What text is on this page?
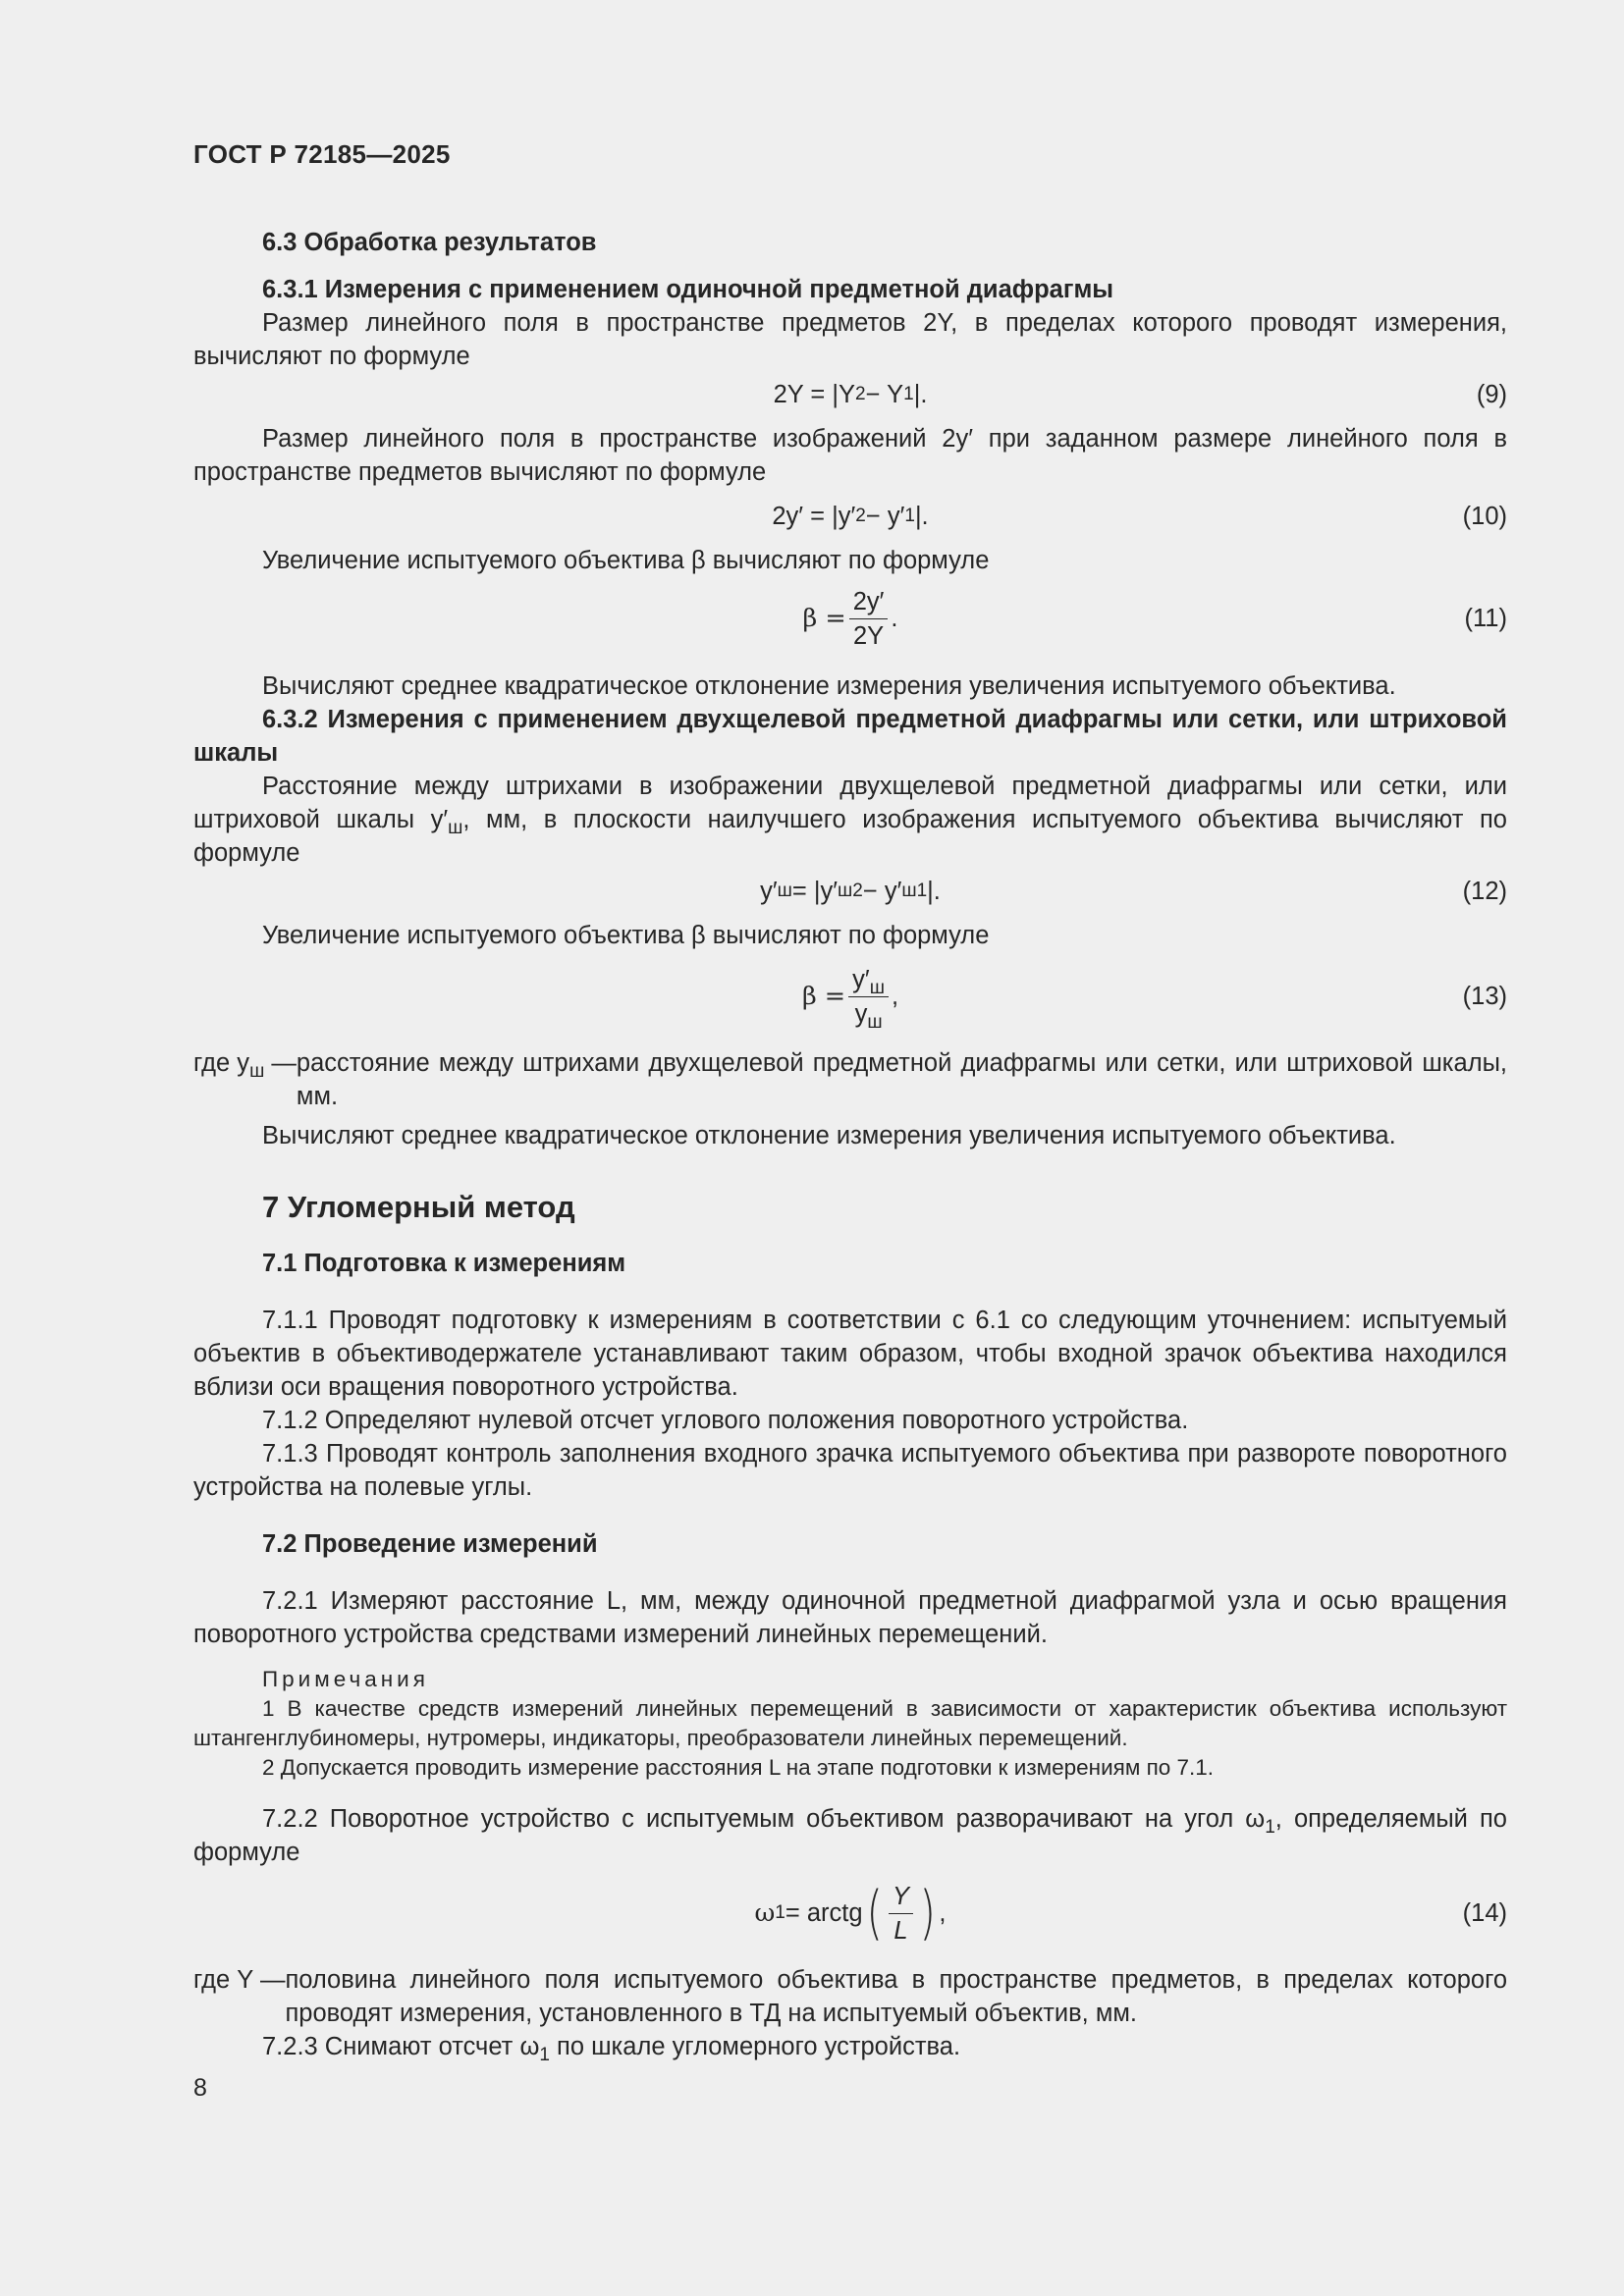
ГОСТ Р 72185—2025

6.3 Обработка результатов

6.3.1 Измерения с применением одиночной предметной диафрагмы

Размер линейного поля в пространстве предметов 2Y, в пределах которого проводят измерения, вычисляют по формуле

2Y = |Y 2 − Y 1 |.	(9)

Размер линейного поля в пространстве изображений 2y′ при заданном размере линейного поля в пространстве предметов вычисляют по формуле

2y′ = |y′ 2 − y′ 1 |.	(10)

Увеличение испытуемого объектива β вычисляют по формуле

$\beta = \frac{2y'}{2Y}$ .	(11)

Вычисляют среднее квадратическое отклонение измерения увеличения испытуемого объектива.

6.3.2 Измерения с применением двухщелевой предметной диафрагмы или сетки, или штриховой шкалы

Расстояние между штрихами в изображении двухщелевой предметной диафрагмы или сетки, или штриховой шкалы $y'_ш$, мм, в плоскости наилучшего изображения испытуемого объектива вычисляют по формуле

y′ ш = |y′ ш2 − y′ ш1 |.	(12)

Увеличение испытуемого объектива β вычисляют по формуле

$\beta = \frac{y'_ш}{y_ш}$ ,	(13)
где $y_ш$ — расстояние между штрихами двухщелевой предметной диафрагмы или сетки, или штриховой шкалы, мм.

Вычисляют среднее квадратическое отклонение измерения увеличения испытуемого объектива.

7 Угломерный метод

7.1 Подготовка к измерениям

7.1.1 Проводят подготовку к измерениям в соответствии с 6.1 со следующим уточнением: испытуемый объектив в объективодержателе устанавливают таким образом, чтобы входной зрачок объектива находился вблизи оси вращения поворотного устройства.

7.1.2 Определяют нулевой отсчет углового положения поворотного устройства.

7.1.3 Проводят контроль заполнения входного зрачка испытуемого объектива при развороте поворотного устройства на полевые углы.

7.2 Проведение измерений

7.2.1 Измеряют расстояние L, мм, между одиночной предметной диафрагмой узла и осью вращения поворотного устройства средствами измерений линейных перемещений.

Примечания

1 В качестве средств измерений линейных перемещений в зависимости от характеристик объектива используют штангенглубиномеры, нутромеры, индикаторы, преобразователи линейных перемещений.

2 Допускается проводить измерение расстояния L на этапе подготовки к измерениям по 7.1.

7.2.2 Поворотное устройство с испытуемым объективом разворачивают на угол $\omega_1$, определяемый по формуле

ω 1 = arctg ( $\frac{Y}{L}$ ) ,	(14)
где Y — половина линейного поля испытуемого объектива в пространстве предметов, в пределах которого проводят измерения, установленного в ТД на испытуемый объектив, мм.

7.2.3 Снимают отсчет $\omega_1$ по шкале угломерного устройства.

8
